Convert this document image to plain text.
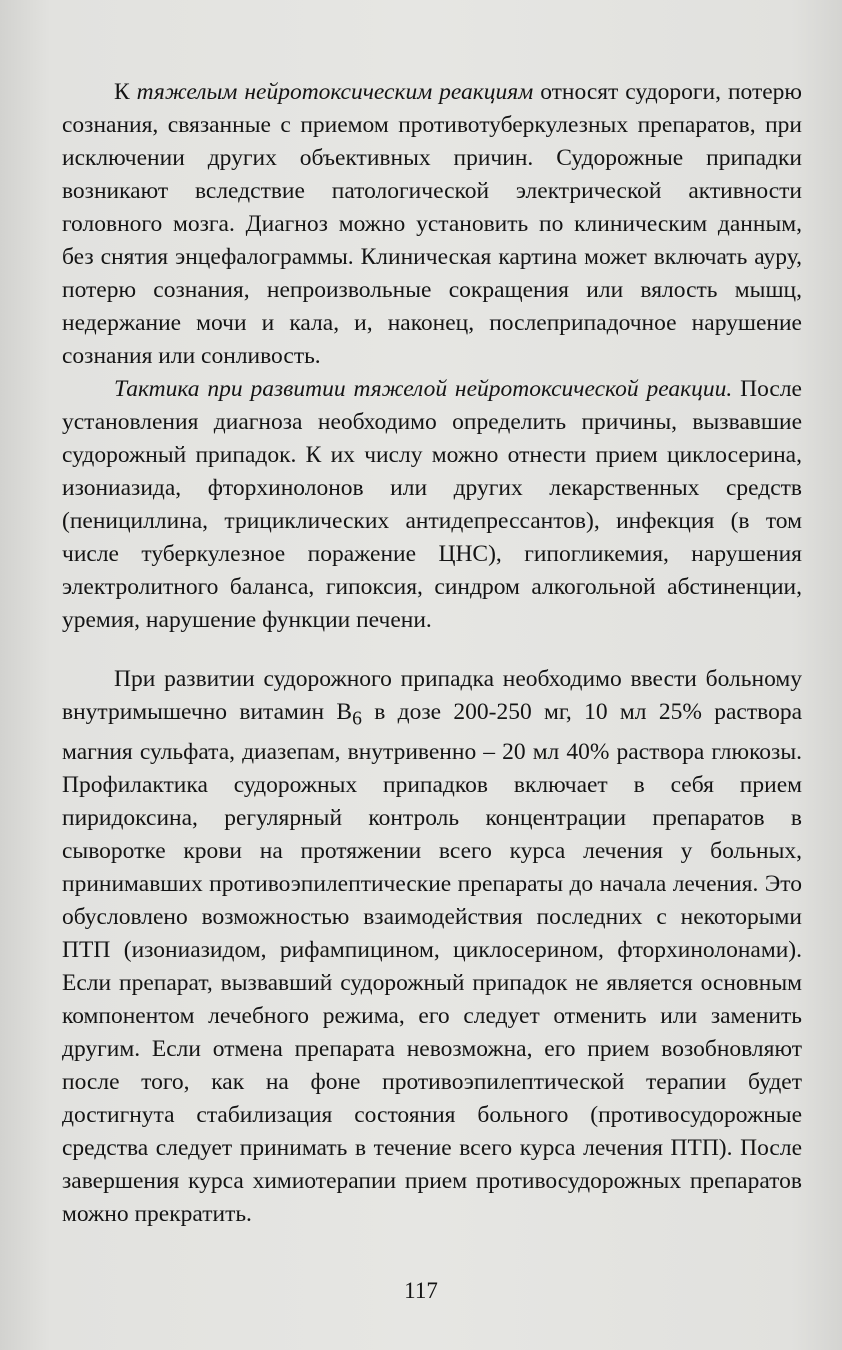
К тяжелым нейротоксическим реакциям относят судороги, потерю сознания, связанные с приемом противотуберкулезных препаратов, при исключении других объективных причин. Судорожные припадки возникают вследствие патологической электрической активности головного мозга. Диагноз можно установить по клиническим данным, без снятия энцефалограммы. Клиническая картина может включать ауру, потерю сознания, непроизвольные сокращения или вялость мышц, недержание мочи и кала, и, наконец, послеприпадочное нарушение сознания или сонливость.

Тактика при развитии тяжелой нейротоксической реакции. После установления диагноза необходимо определить причины, вызвавшие судорожный припадок. К их числу можно отнести прием циклосерина, изониазида, фторхинолонов или других лекарственных средств (пенициллина, трициклических антидепрессантов), инфекция (в том числе туберкулезное поражение ЦНС), гипогликемия, нарушения электролитного баланса, гипоксия, синдром алкогольной абстиненции, уремия, нарушение функции печени.

При развитии судорожного припадка необходимо ввести больному внутримышечно витамин $B_6$ в дозе 200-250 мг, 10 мл 25% раствора магния сульфата, диазепам, внутривенно – 20 мл 40% раствора глюкозы. Профилактика судорожных припадков включает в себя прием пиридоксина, регулярный контроль концентрации препаратов в сыворотке крови на протяжении всего курса лечения у больных, принимавших противоэпилептические препараты до начала лечения. Это обусловлено возможностью взаимодействия последних с некоторыми ПТП (изониазидом, рифампицином, циклосерином, фторхинолонами). Если препарат, вызвавший судорожный припадок не является основным компонентом лечебного режима, его следует отменить или заменить другим. Если отмена препарата невозможна, его прием возобновляют после того, как на фоне противоэпилептической терапии будет достигнута стабилизация состояния больного (противосудорожные средства следует принимать в течение всего курса лечения ПТП). После завершения курса химиотерапии прием противосудорожных препаратов можно прекратить.

117
